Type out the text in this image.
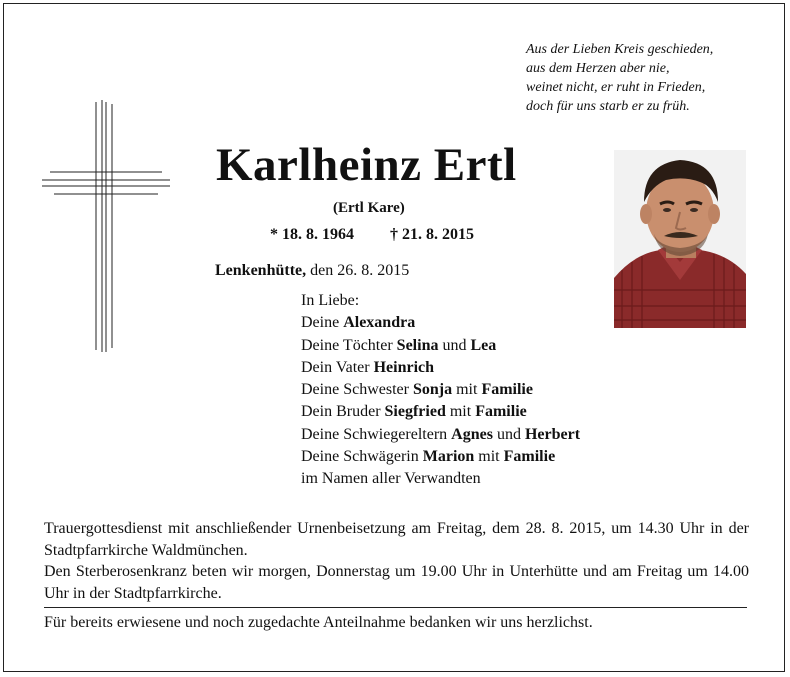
Aus der Lieben Kreis geschieden,
aus dem Herzen aber nie,
weinet nicht, er ruht in Frieden,
doch für uns starb er zu früh.
Karlheinz Ertl
(Ertl Kare)
* 18. 8. 1964 † 21. 8. 2015
Lenkenhütte, den 26. 8. 2015
In Liebe:
Deine Alexandra
Deine Töchter Selina und Lea
Dein Vater Heinrich
Deine Schwester Sonja mit Familie
Dein Bruder Siegfried mit Familie
Deine Schwiegereltern Agnes und Herbert
Deine Schwägerin Marion mit Familie
im Namen aller Verwandten

Trauergottesdienst mit anschließender Urnenbeisetzung am Freitag, dem 28. 8. 2015, um 14.30 Uhr in der Stadtpfarrkirche Waldmünchen.

Den Sterberosenkranz beten wir morgen, Donnerstag um 19.00 Uhr in Unterhütte und am Freitag um 14.00 Uhr in der Stadtpfarrkirche.

Für bereits erwiesene und noch zugedachte Anteilnahme bedanken wir uns herzlichst.
